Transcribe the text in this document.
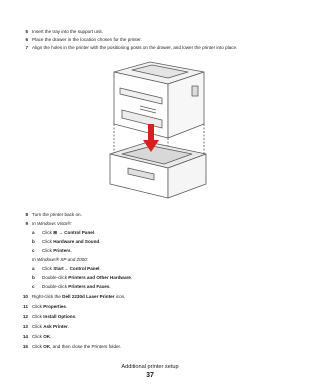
5 Insert the tray into the support unit.
6 Place the drawer in the location chosen for the printer.
7 Align the holes in the printer with the positioning posts on the drawer, and lower the printer into place.
8 Turn the printer back on.
9 In Windows Vista®:
a Click ⊞ → Control Panel.
b Click Hardware and Sound.
c Click Printers.
In Windows® XP and 2000:
a Click Start→ Control Panel.
b Double-click Printers and Other Hardware.
c Double-click Printers and Faxes.
10 Right-click the Dell 2230d Laser Printer icon.
11 Click Properties.
12 Click Install Options.
13 Click Ask Printer.
14 Click OK.
15 Click OK, and then close the Printers folder.
Additional printer setup
37
